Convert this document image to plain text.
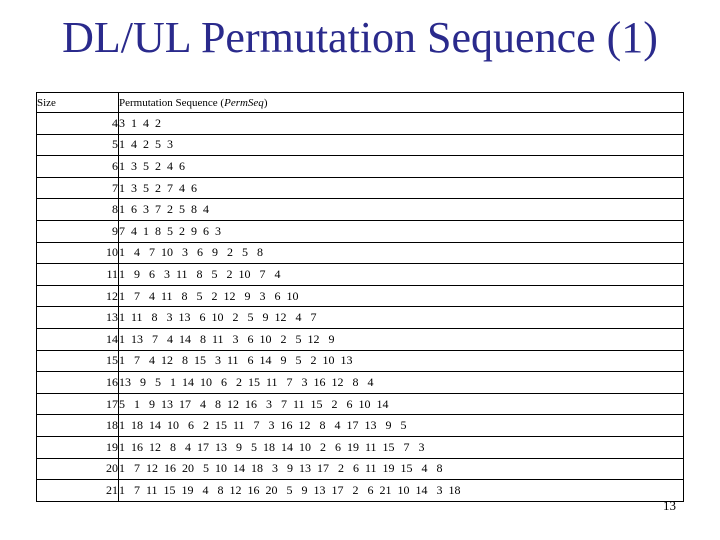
DL/UL Permutation Sequence (1)
Size	Permutation Sequence (PermSeq)
4	3  1  4  2
5	1  4  2  5  3
6	1  3  5  2  4  6
7	1  3  5  2  7  4  6
8	1  6  3  7  2  5  8  4
9	7  4  1  8  5  2  9  6  3
10	1   4   7  10   3   6   9   2   5   8
11	1   9   6   3  11   8   5   2  10   7   4
12	1   7   4  11   8   5   2  12   9   3   6  10
13	1  11   8   3  13   6  10   2   5   9  12   4   7
14	1  13   7   4  14   8  11   3   6  10   2   5  12   9
15	1   7   4  12   8  15   3  11   6  14   9   5   2  10  13
16	13   9   5   1  14  10   6   2  15  11   7   3  16  12   8   4
17	5   1   9  13  17   4   8  12  16   3   7  11  15   2   6  10  14
18	1  18  14  10   6   2  15  11   7   3  16  12   8   4  17  13   9   5
19	1  16  12   8   4  17  13   9   5  18  14  10   2   6  19  11  15   7   3
20	1   7  12  16  20   5  10  14  18   3   9  13  17   2   6  11  19  15   4   8
21	1   7  11  15  19   4   8  12  16  20   5   9  13  17   2   6  21  10  14   3  18
13
